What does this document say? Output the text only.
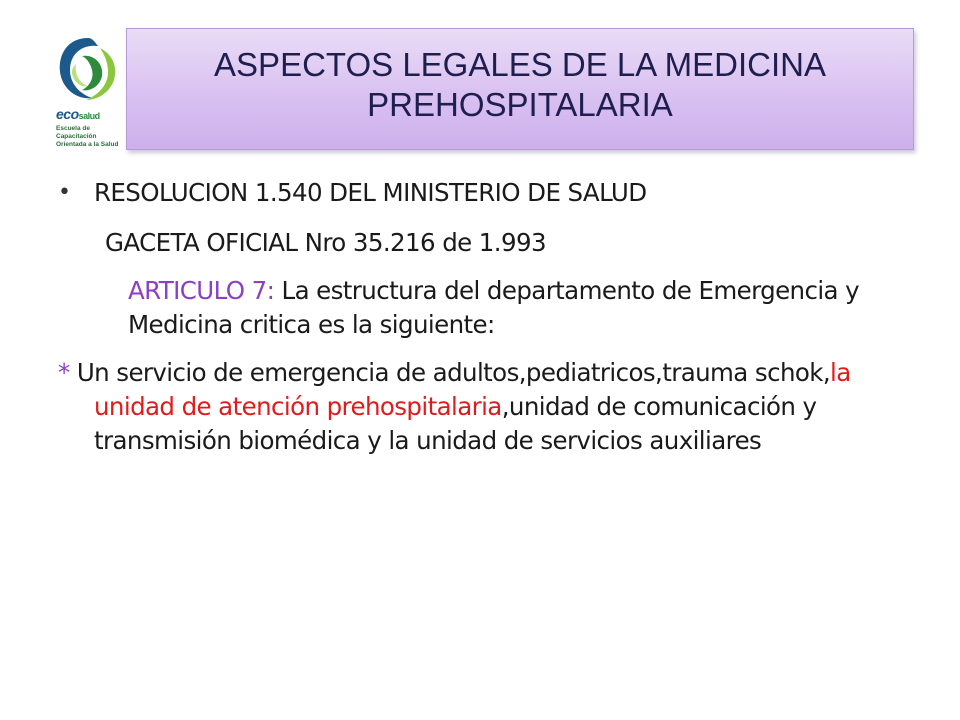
ecosalud
Escuela de Capacitación
Orientada a la Salud
ASPECTOS LEGALES DE LA MEDICINA
PREHOSPITALARIA
• RESOLUCION 1.540 DEL MINISTERIO DE SALUD
GACETA OFICIAL Nro 35.216 de 1.993
ARTICULO 7: La estructura del departamento de Emergencia y Medicina critica es la siguiente:
* Un servicio de emergencia de adultos,pediatricos,trauma schok,la unidad de atención prehospitalaria,unidad de comunicación y transmisión biomédica y la unidad de servicios auxiliares
